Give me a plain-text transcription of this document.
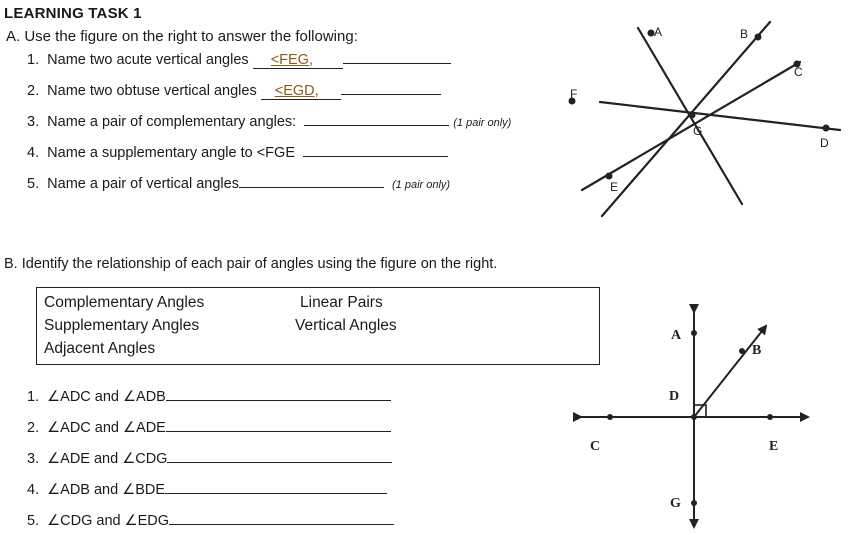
LEARNING TASK 1
A. Use the figure on the right to answer the following:
1. Name two acute vertical angles <FEG,
2. Name two obtuse vertical angles <EGD,
3. Name a pair of complementary angles:	(1 pair only)
4. Name a supplementary angle to <FGE
5. Name a pair of vertical angles	(1 pair only)
A	B
C
D
E
F
G
B. Identify the relationship of each pair of angles using the figure on the right.
Complementary Angles
Supplementary Angles
Adjacent Angles
Linear Pairs
Vertical Angles
1. ∠ADC and ∠ADB
2. ∠ADC and ∠ADE
3. ∠ADE and ∠CDG
4. ∠ADB and ∠BDE
5. ∠CDG and ∠EDG
A
B
C
D
E
G
